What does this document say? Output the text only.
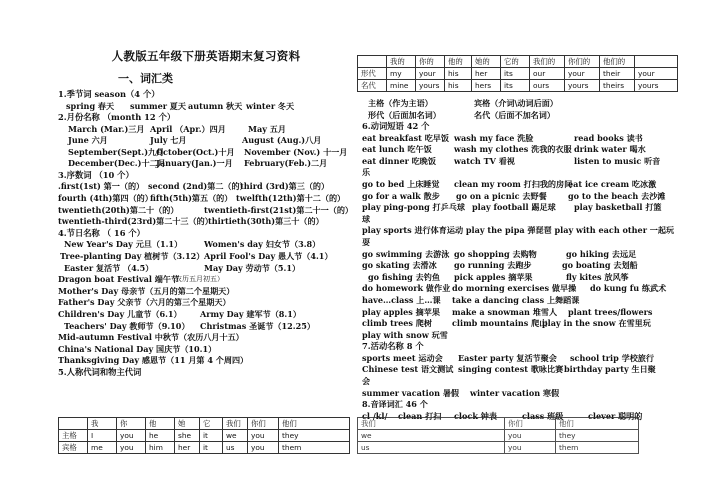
人教版五年级下册英语期末复习资料
一、词汇类
1.季节词 season（4 个）
spring 春天 summer 夏天 autumn 秋天 winter 冬天
2.月份名称 （month 12 个）
March (Mar.)三月 April （Apr.）四月	May 五月
June 六月	July 七月	August (Aug.)八月
September(Sept.)九月
October(Oct.)十月 November (Nov.) 十一月
December(Dec.)十二月
January(Jan.)一月 February(Feb.)二月
3.序数词 （10 个）
.first(1st) 第一（的） second (2nd)第二（的）
third (3rd)第三（的）
fourth (4th)第四（的）
fifth(5th)第五（的） twelfth(12th)第十二（的）
twentieth(20th)第二十（的）	twentieth-first(21st)第二十一（的）
twentieth-third(23rd)第二十三（的）
thirtieth(30th)第三十（的）
4.节日名称 （ 16 个）
New Year's Day 元旦（1.1）	Women's day 妇女节（3.8）
Tree-planting Day 植树节（3.12） April Fool's Day 愚人节（4.1）
Easter 复活节 （4.5）	May Day 劳动节（5.1）
Dragon boat Festival 端午节
（农历五月初五）
Mother's Day 母亲节（五月的第二个星期天）
Father's Day 父亲节（六月的第三个星期天）
Children's Day 儿童节（6.1） Army Day 建军节（8.1）
Teachers' Day 教师节（9.10） Christmas 圣诞节（12.25）
Mid-autumn Festival 中秋节（农历八月十五）
China's National Day 国庆节（10.1）
Thanksgiving Day 感恩节（11 月第 4 个周四）
5.人称代词和物主代词
	我	你	他	她	它	我们	你们	他们
主格	I	you	he	she	it	we	you	they
宾格	me	you	him	her	it	us	you	them
	我的	你的	他的	她的	它的	我们的	你们的	他们的	
形代	my	your	his	her	its	our	your	their	your
名代	mine	yours	his	hers	its	ours	yours	theirs	yours
主格（作为主语）	宾格（介词\动词后面）
形代（后面加名词）	名代（后面不加名词）
6.动词短语 42 个
eat breakfast 吃早饭 wash my face 洗脸	read books 读书
eat lunch 吃午饭	wash my clothes 洗我的衣服 drink water 喝水
eat dinner 吃晚饭 watch TV 看视	listen to music 听音
乐
go to bed 上床睡觉 clean my room 打扫我的房间
eat ice cream 吃冰激
go for a walk 散步 go on a picnic 去野餐	go to the beach 去沙滩
play ping-pong 打乒乓球 play football 踢足球 play basketball 打篮
球
play sports 进行体育运动 play the pipa 弹琵琶 play with each other 一起玩
耍
go swimming 去游泳 go shopping 去购物	go hiking 去远足
go skating 去滑冰 go running 去跑步	go boating 去划船
go fishing 去钓鱼 pick apples 摘苹果	fly kites 放风筝
do homework 做作业 do morning exercises 做早操 do kung fu 练武术
have…class 上…课 take a dancing class 上舞蹈课
play apples 摘苹果 make a snowman 堆雪人 plant trees/flowers
climb trees 爬树 climb mountains 爬山
play in the snow 在雪里玩
play with snow 玩雪
7.活动名称 8 个
sports meet 运动会 Easter party 复活节聚会 school trip 学校旅行
Chinese test 语文测试 singing contest 歌咏比赛 birthday party 生日聚
会
summer vacation 暑假 winter vacation 寒假
8.音译词汇 46 个
cl /kl/ clean 打扫 clock 钟表	class 班级	clever 聪明的
我们	你们	他们
we	you	they
us	you	them
